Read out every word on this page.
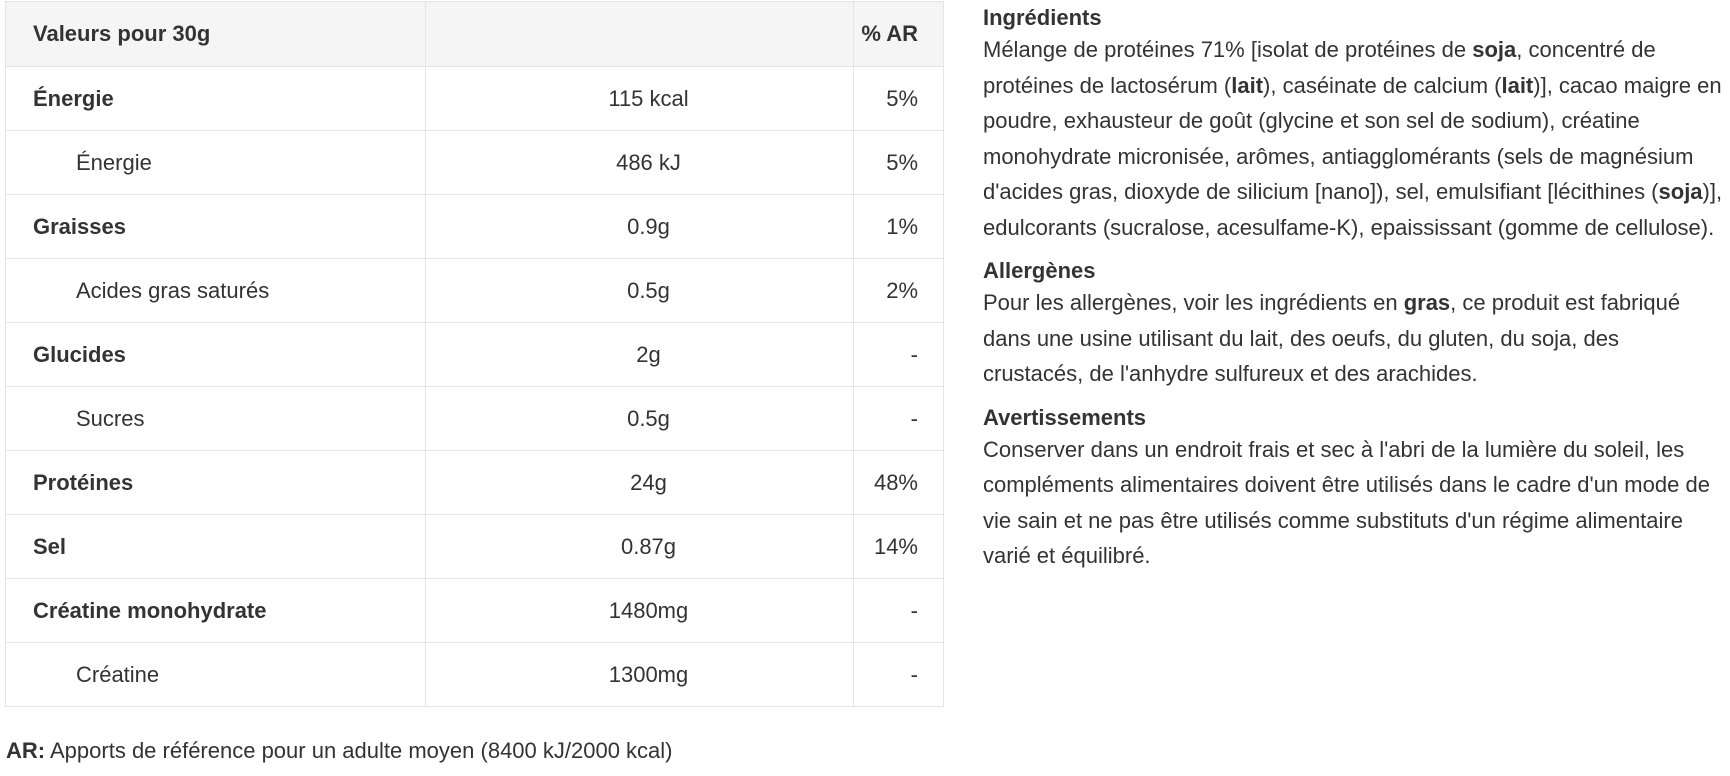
Valeurs pour 30g		% AR
Énergie	115 kcal	5%
Énergie	486 kJ	5%
Graisses	0.9g	1%
Acides gras saturés	0.5g	2%
Glucides	2g	-
Sucres	0.5g	-
Protéines	24g	48%
Sel	0.87g	14%
Créatine monohydrate	1480mg	-
Créatine	1300mg	-
AR: Apports de référence pour un adulte moyen (8400 kJ/2000 kcal)
Ingrédients

Mélange de protéines 71% [isolat de protéines de soja, concentré de protéines de lactosérum (lait), caséinate de calcium (lait)], cacao maigre en poudre, exhausteur de goût (glycine et son sel de sodium), créatine monohydrate micronisée, arômes, antiagglomérants (sels de magnésium d'acides gras, dioxyde de silicium [nano]), sel, emulsifiant [lécithines (soja)], edulcorants (sucralose, acesulfame-K), epaississant (gomme de cellulose).

Allergènes

Pour les allergènes, voir les ingrédients en gras, ce produit est fabriqué dans une usine utilisant du lait, des oeufs, du gluten, du soja, des crustacés, de l'anhydre sulfureux et des arachides.

Avertissements

Conserver dans un endroit frais et sec à l'abri de la lumière du soleil, les compléments alimentaires doivent être utilisés dans le cadre d'un mode de vie sain et ne pas être utilisés comme substituts d'un régime alimentaire varié et équilibré.
